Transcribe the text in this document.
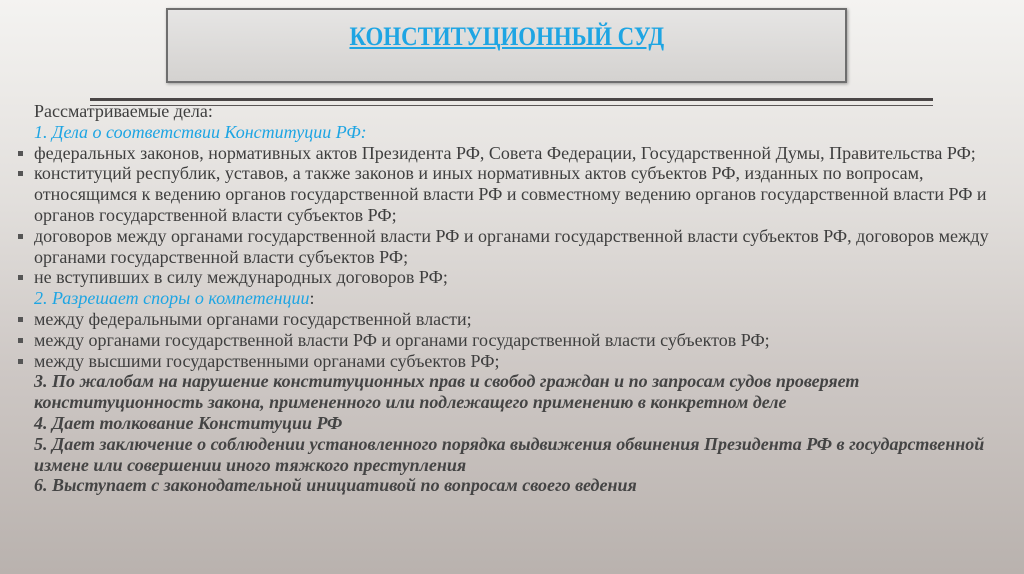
КОНСТИТУЦИОННЫЙ СУД
Рассматриваемые дела:
1. Дела о соответствии Конституции РФ:
федеральных законов, нормативных актов Президента РФ, Совета Федерации, Государственной Думы, Правительства РФ;
конституций республик, уставов, а также законов и иных нормативных актов субъектов РФ, изданных по вопросам, относящимся к ведению органов государственной власти РФ и совместному ведению органов государственной власти РФ и органов государственной власти субъектов РФ;
договоров между органами государственной власти РФ и органами государственной власти субъектов РФ, договоров между органами государственной власти субъектов РФ;
не вступивших в силу международных договоров РФ;
2. Разрешает споры о компетенции:
между федеральными органами государственной власти;
между органами государственной власти РФ и органами государственной власти субъектов РФ;
между высшими государственными органами субъектов РФ;
3. По жалобам на нарушение конституционных прав и свобод граждан и по запросам судов проверяет конституционность закона, примененного или подлежащего применению в конкретном деле
4. Дает толкование Конституции РФ
5. Дает заключение о соблюдении установленного порядка выдвижения обвинения Президента РФ в государственной измене или совершении иного тяжкого преступления
6. Выступает с законодательной инициативой по вопросам своего ведения
